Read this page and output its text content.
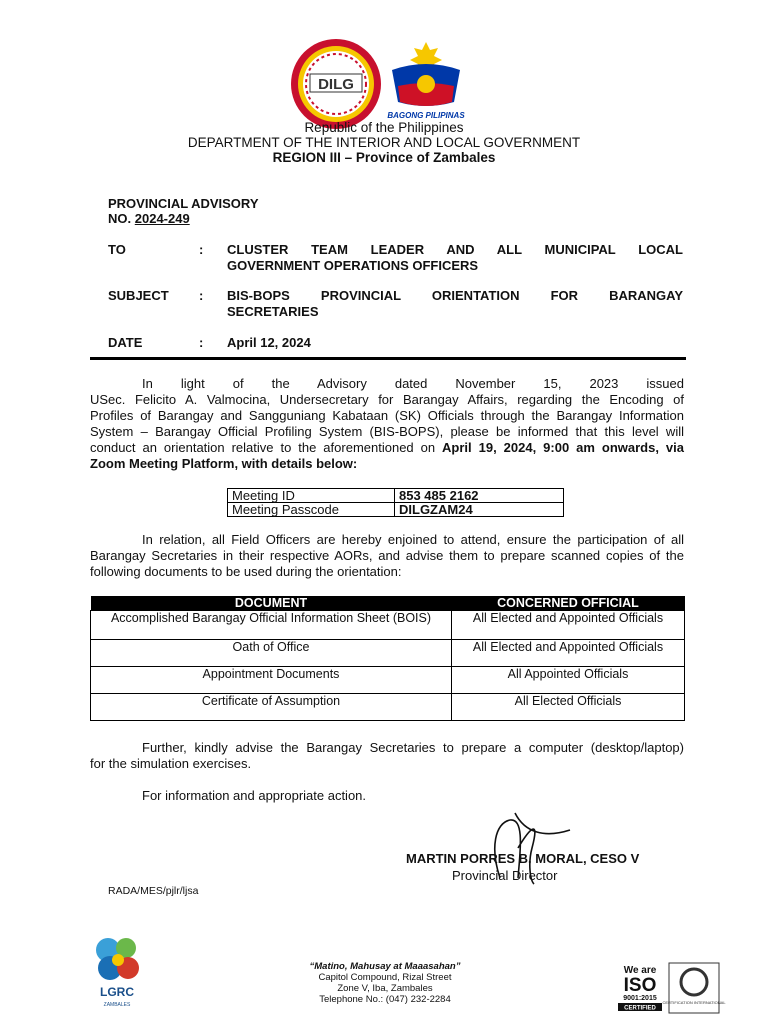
DILG
BAGONG PILIPINAS
Republic of the Philippines
DEPARTMENT OF THE INTERIOR AND LOCAL GOVERNMENT
REGION III – Province of Zambales
PROVINCIAL ADVISORY
NO. 2024-249
TO	: CLUSTER TEAM LEADER AND ALL MUNICIPAL LOCAL
GOVERNMENT OPERATIONS OFFICERS
SUBJECT : BIS-BOPS PROVINCIAL ORIENTATION FOR BARANGAY
SECRETARIES
DATE	: April 12, 2024
In light of the Advisory dated November 15, 2023 issued
USec. Felicito A. Valmocina, Undersecretary for Barangay Affairs, regarding the Encoding of
Profiles of Barangay and Sangguniang Kabataan (SK) Officials through the Barangay Information
System – Barangay Official Profiling System (BIS-BOPS), please be informed that this level will
conduct an orientation relative to the aforementioned on April 19, 2024, 9:00 am onwards, via
Zoom Meeting Platform, with details below:
Meeting ID	853 485 2162
Meeting Passcode	DILGZAM24
In relation, all Field Officers are hereby enjoined to attend, ensure the participation of all
Barangay Secretaries in their respective AORs, and advise them to prepare scanned copies of the
following documents to be used during the orientation:
DOCUMENT	CONCERNED OFFICIAL
Accomplished Barangay Official Information Sheet (BOIS)	All Elected and Appointed Officials
Oath of Office	All Elected and Appointed Officials
Appointment Documents	All Appointed Officials
Certificate of Assumption	All Elected Officials
Further, kindly advise the Barangay Secretaries to prepare a computer (desktop/laptop)
for the simulation exercises.
For information and appropriate action.
MARTIN PORRES B. MORAL, CESO V
Provincial Director
RADA/MES/pjlr/ljsa
LGRC
ZAMBALES
“Matino, Mahusay at Maaasahan”
Capitol Compound, Rizal Street
Zone V, Iba, Zambales
Telephone No.: (047) 232-2284
We are
ISO
9001:2015
CERTIFIED
CERTIFICATION INTERNATIONAL
